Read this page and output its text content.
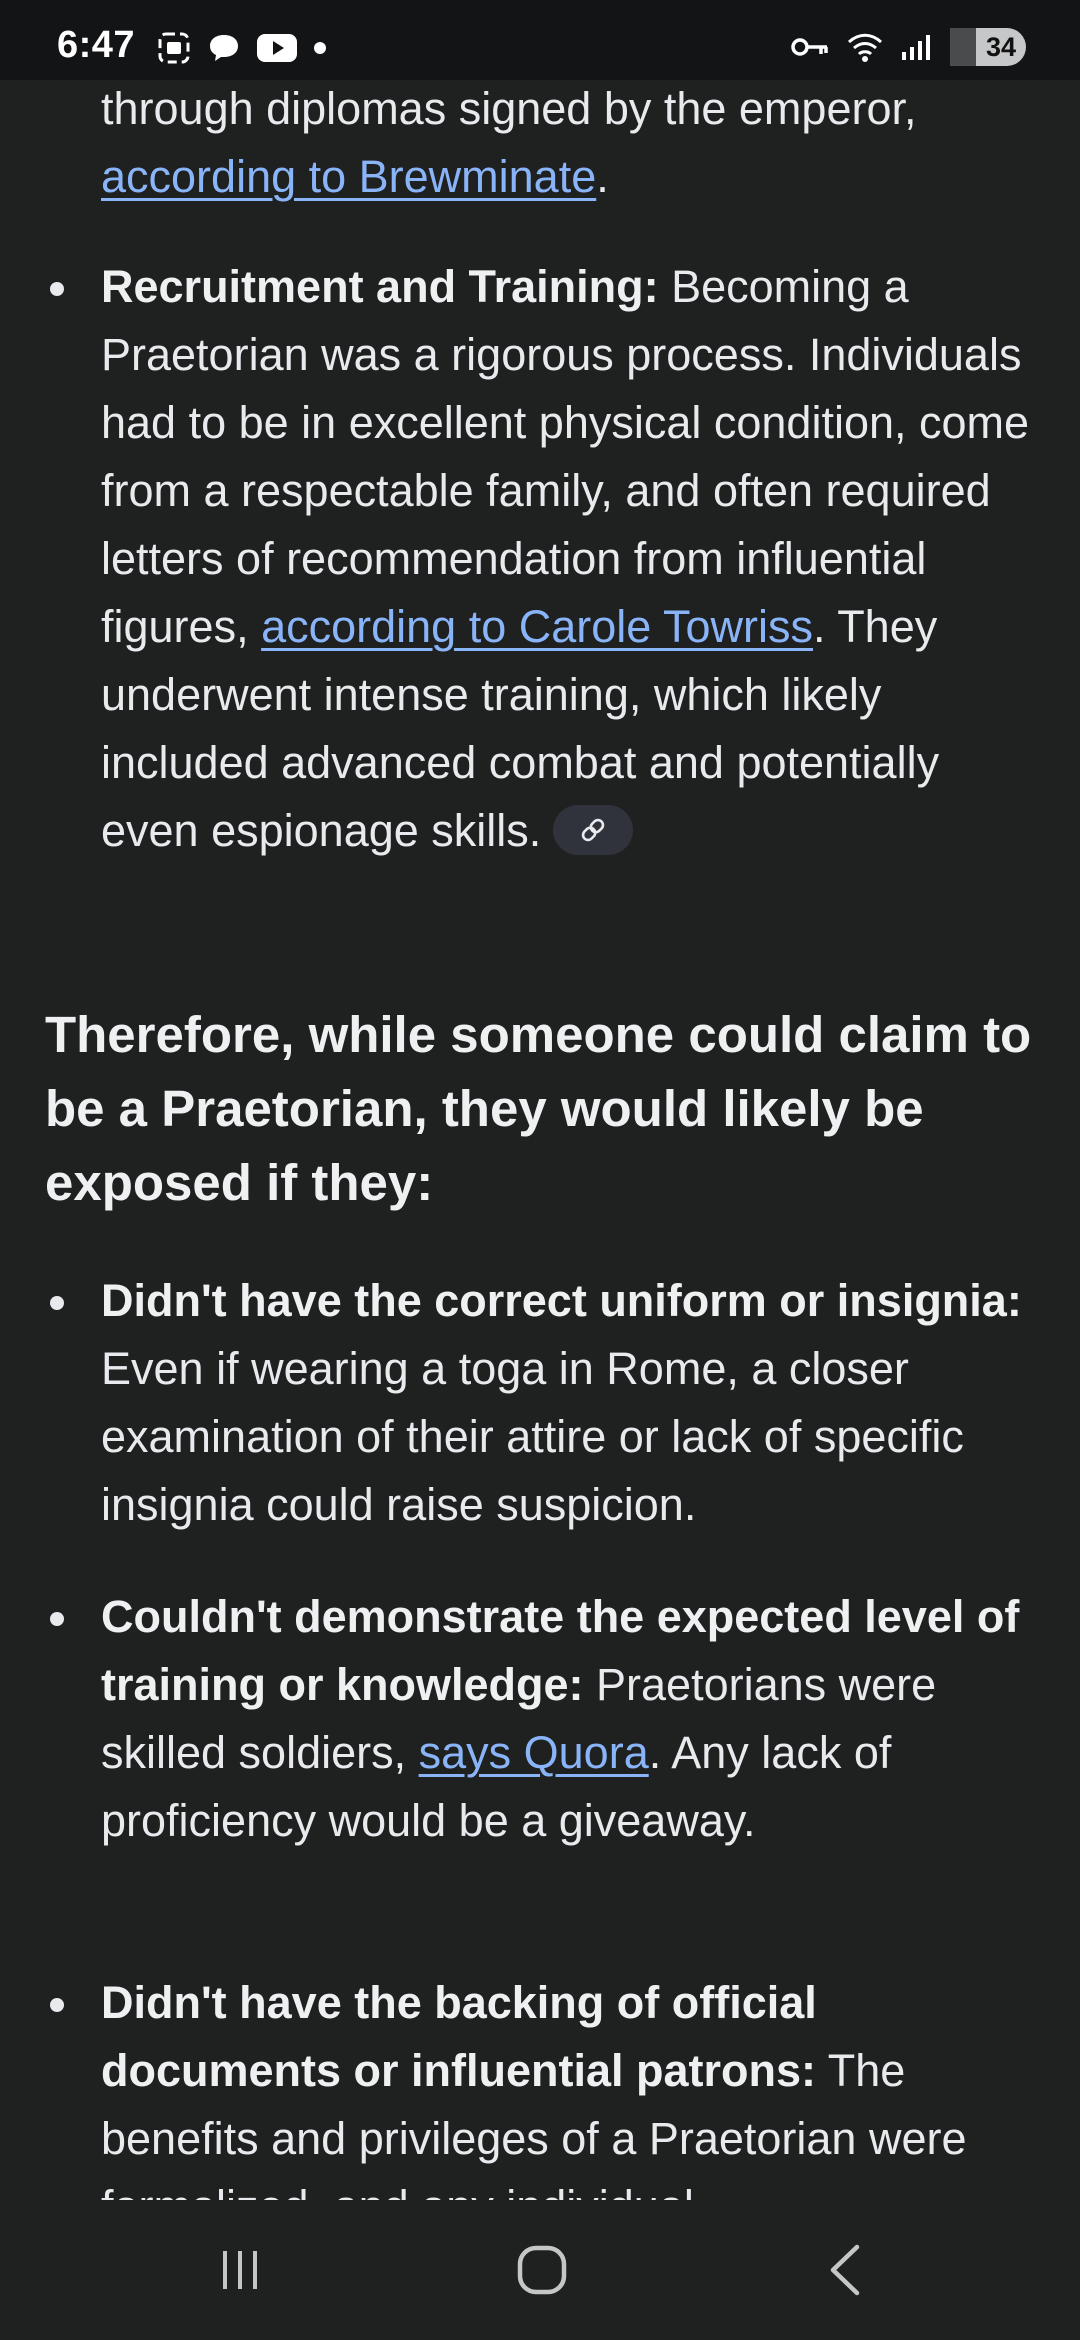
6:47	34
through diplomas signed by the emperor,
according to Brewminate.
Recruitment and Training: Becoming a Praetorian was a rigorous process. Individuals had to be in excellent physical condition, come from a respectable family, and often required letters of recommendation from influential figures, according to Carole Towriss. They underwent intense training, which likely included advanced combat and potentially even espionage skills.
Therefore, while someone could claim to be a Praetorian, they would likely be exposed if they:
Didn't have the correct uniform or insignia: Even if wearing a toga in Rome, a closer examination of their attire or lack of specific insignia could raise suspicion.
Couldn't demonstrate the expected level of training or knowledge: Praetorians were skilled soldiers, says Quora. Any lack of proficiency would be a giveaway.
Didn't have the backing of official documents or influential patrons: The benefits and privileges of a Praetorian were
